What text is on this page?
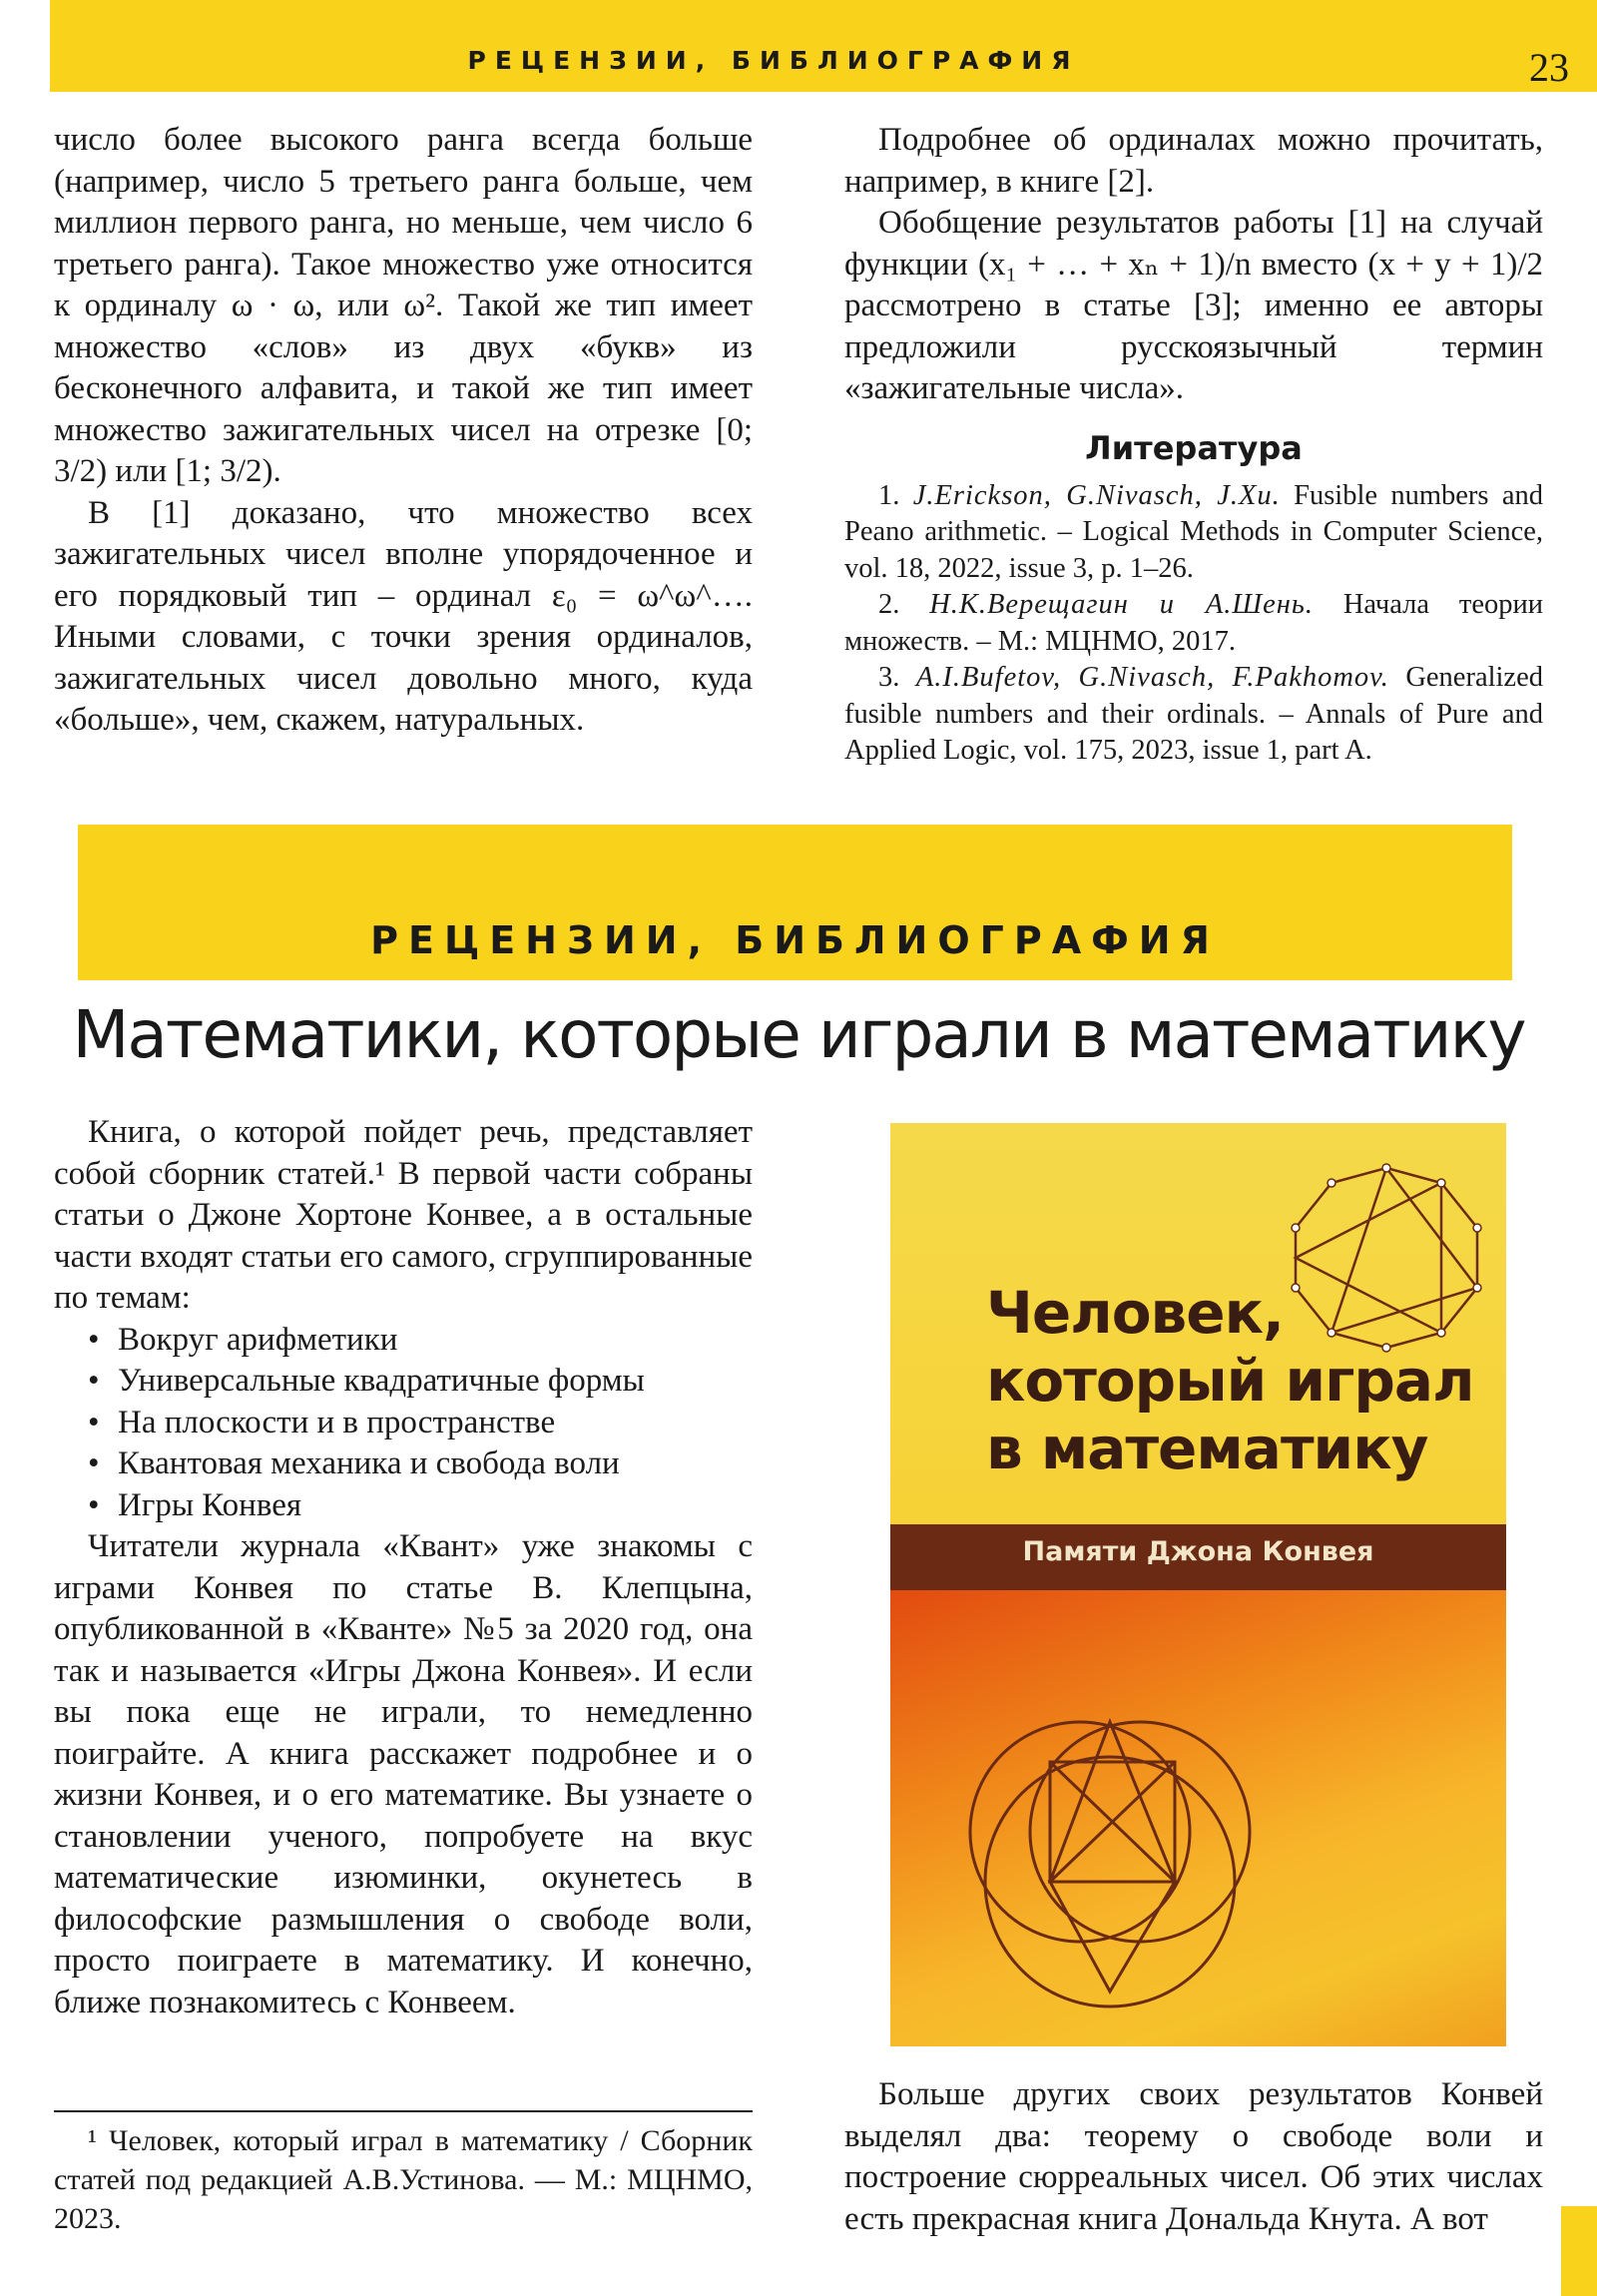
РЕЦЕНЗИИ, БИБЛИОГРАФИЯ	23

число более высокого ранга всегда больше (например, число 5 третьего ранга больше, чем миллион первого ранга, но меньше, чем число 6 третьего ранга). Такое множество уже относится к ординалу ω · ω, или ω². Такой же тип имеет множество «слов» из двух «букв» из бесконечного алфавита, и такой же тип имеет множество зажигательных чисел на отрезке [0; 3/2) или [1; 3/2).

В [1] доказано, что множество всех зажигательных чисел вполне упорядоченное и его порядковый тип – ординал ε₀ = ω^ω^…. Иными словами, с точки зрения ординалов, зажигательных чисел довольно много, куда «больше», чем, скажем, натуральных.

Подробнее об ординалах можно прочитать, например, в книге [2].

Обобщение результатов работы [1] на случай функции (x₁ + … + xₙ + 1)/n вместо (x + y + 1)/2 рассмотрено в статье [3]; именно ее авторы предложили русскоязычный термин «зажигательные числа».

Литература

1. J.Erickson, G.Nivasch, J.Xu. Fusible numbers and Peano arithmetic. – Logical Methods in Computer Science, vol. 18, 2022, issue 3, p. 1–26.

2. Н.К.Верещагин и А.Шень. Начала теории множеств. – М.: МЦНМО, 2017.

3. A.I.Bufetov, G.Nivasch, F.Pakhomov. Generalized fusible numbers and their ordinals. – Annals of Pure and Applied Logic, vol. 175, 2023, issue 1, part A.

РЕЦЕНЗИИ, БИБЛИОГРАФИЯ
Математики, которые играли в математику

Книга, о которой пойдет речь, представляет собой сборник статей.¹ В первой части собраны статьи о Джоне Хортоне Конвее, а в остальные части входят статьи его самого, сгруппированные по темам:

• Вокруг арифметики
• Универсальные квадратичные формы
• На плоскости и в пространстве
• Квантовая механика и свобода воли
• Игры Конвея

Читатели журнала «Квант» уже знакомы с играми Конвея по статье В. Клепцына, опубликованной в «Кванте» №5 за 2020 год, она так и называется «Игры Джона Конвея». И если вы пока еще не играли, то немедленно поиграйте. А книга расскажет подробнее и о жизни Конвея, и о его математике. Вы узнаете о становлении ученого, попробуете на вкус математические изюминки, окунетесь в философские размышления о свободе воли, просто поиграете в математику. И конечно, ближе познакомитесь с Конвеем.

¹ Человек, который играл в математику / Сборник статей под редакцией А.В.Устинова. — М.: МЦНМО, 2023.

Человек,
который играл
в математику
Памяти Джона Конвея

Больше других своих результатов Конвей выделял два: теорему о свободе воли и построение сюрреальных чисел. Об этих числах есть прекрасная книга Дональда Кнута. А вот
